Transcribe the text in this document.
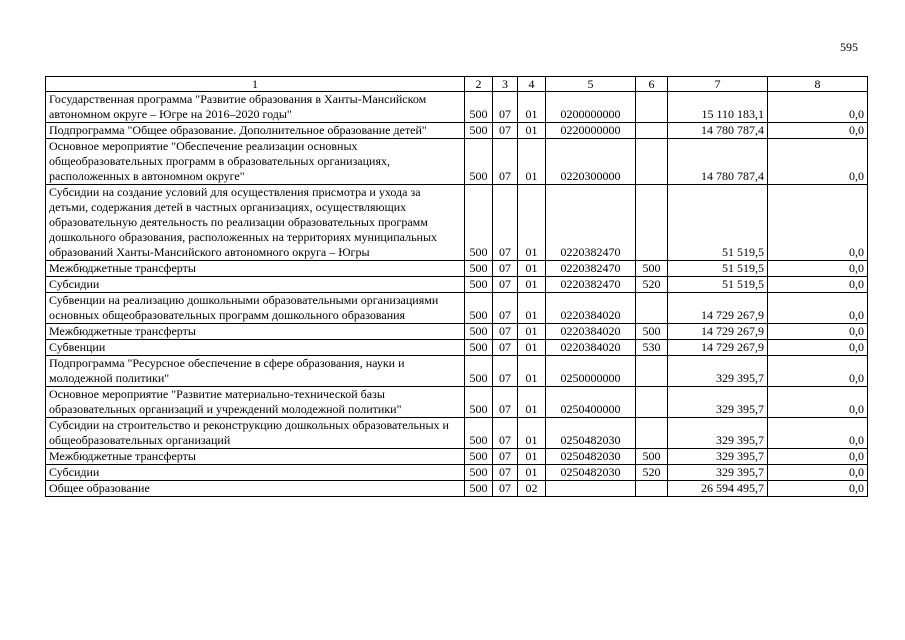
595
1	2	3	4	5	6	7	8
Государственная программа "Развитие образования в Ханты-Мансийском автономном округе – Югре на 2016–2020 годы"	500	07	01	0200000000		15 110 183,1	0,0
Подпрограмма "Общее образование. Дополнительное образование детей"	500	07	01	0220000000		14 780 787,4	0,0
Основное мероприятие "Обеспечение реализации основных общеобразовательных программ в образовательных организациях, расположенных в автономном округе"	500	07	01	0220300000		14 780 787,4	0,0
Субсидии на создание условий для осуществления присмотра и ухода за детьми, содержания детей в частных организациях, осуществляющих образовательную деятельность по реализации образовательных программ дошкольного образования, расположенных на территориях муниципальных образований Ханты-Мансийского автономного округа – Югры	500	07	01	0220382470		51 519,5	0,0
Межбюджетные трансферты	500	07	01	0220382470	500	51 519,5	0,0
Субсидии	500	07	01	0220382470	520	51 519,5	0,0
Субвенции на реализацию дошкольными образовательными организациями основных общеобразовательных программ дошкольного образования	500	07	01	0220384020		14 729 267,9	0,0
Межбюджетные трансферты	500	07	01	0220384020	500	14 729 267,9	0,0
Субвенции	500	07	01	0220384020	530	14 729 267,9	0,0
Подпрограмма "Ресурсное обеспечение в сфере образования, науки и молодежной политики"	500	07	01	0250000000		329 395,7	0,0
Основное мероприятие "Развитие материально-технической базы образовательных организаций и учреждений молодежной политики"	500	07	01	0250400000		329 395,7	0,0
Субсидии на строительство и реконструкцию дошкольных образовательных и общеобразовательных организаций	500	07	01	0250482030		329 395,7	0,0
Межбюджетные трансферты	500	07	01	0250482030	500	329 395,7	0,0
Субсидии	500	07	01	0250482030	520	329 395,7	0,0
Общее образование	500	07	02			26 594 495,7	0,0
